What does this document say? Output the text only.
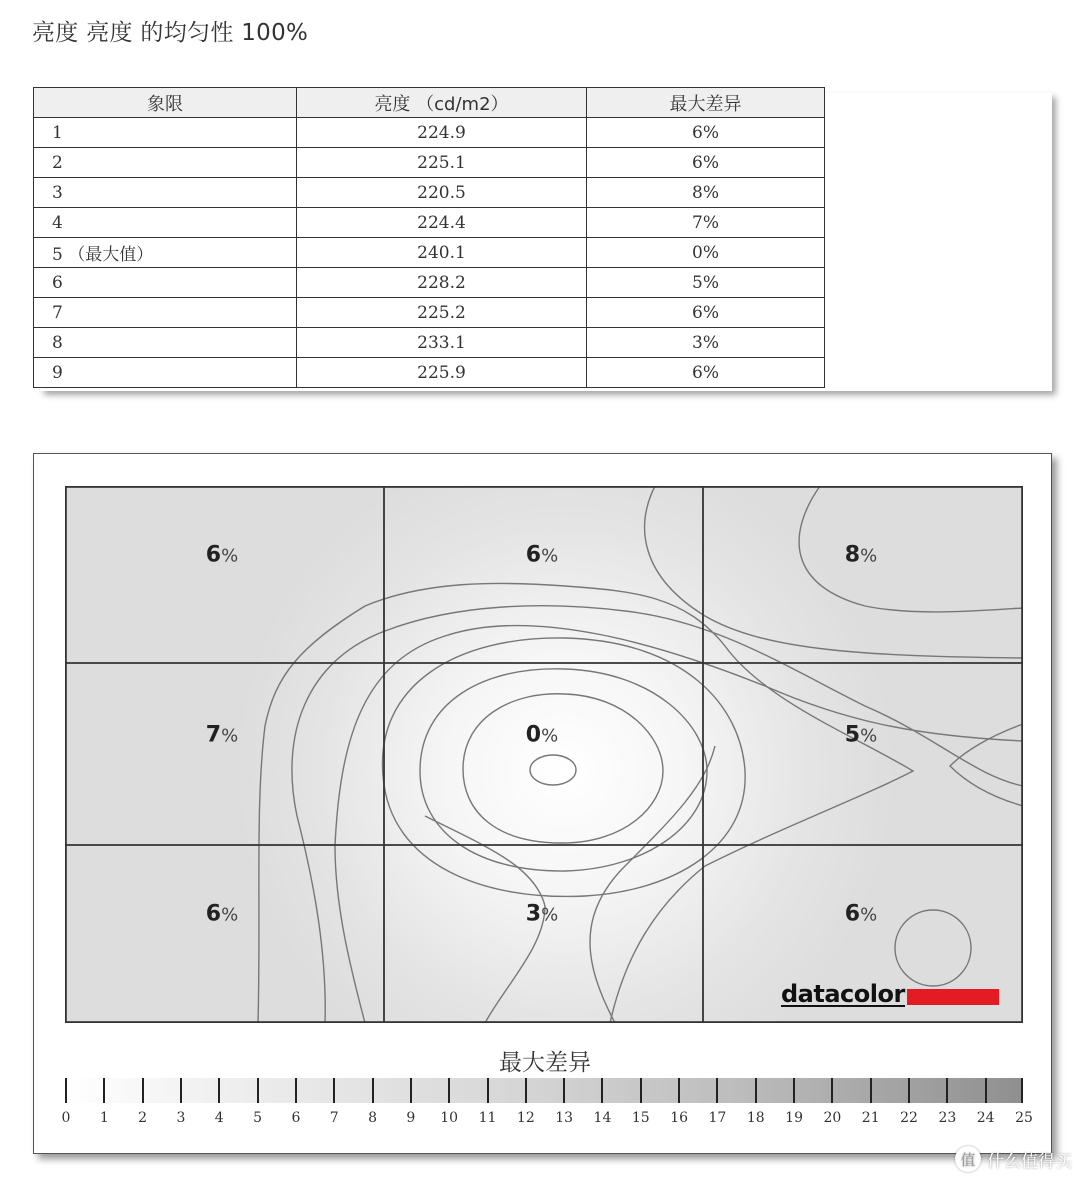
亮度 亮度 的均匀性 100%
象限	亮度 （cd/m2）	最大差异
1	224.9	6%
2	225.1	6%
3	220.5	8%
4	224.4	7%
5 （最大值）	240.1	0%
6	228.2	5%
7	225.2	6%
8	233.1	3%
9	225.9	6%
6%	6%	8%
7%	0%	5%
6%	3%	6%
datacolor
最大差异
0 1 2 3 4 5 6 7 8 9 10 11 12 13 14 15 16 17 18 19 20 21 22 23 24 25
值 什么值得买
